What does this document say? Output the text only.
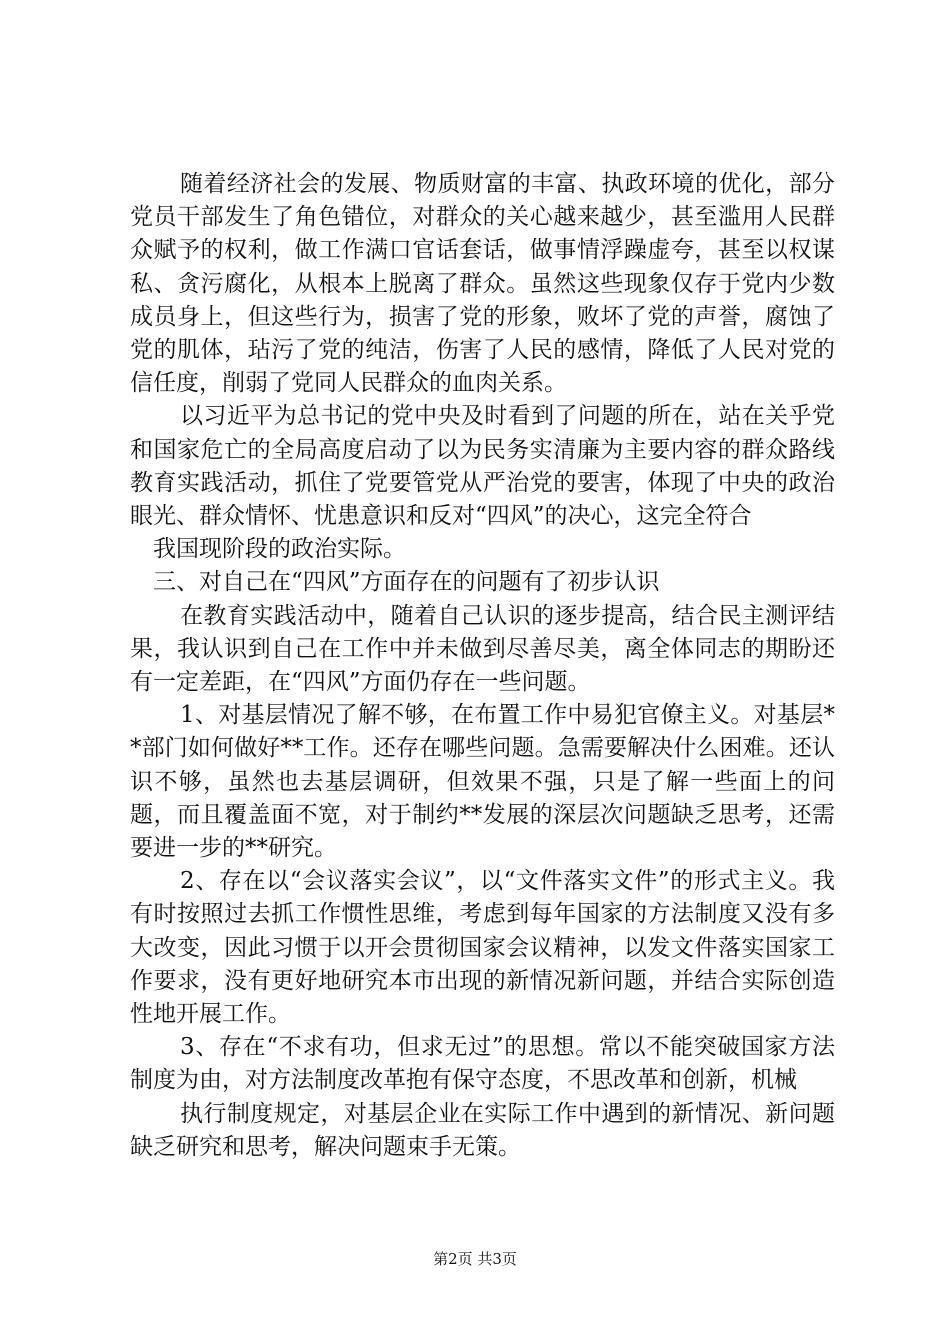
随着经济社会的发展、物质财富的丰富、执政环境的优化，部分党员干部发生了角色错位，对群众的关心越来越少，甚至滥用人民群众赋予的权利，做工作满口官话套话，做事情浮躁虚夸，甚至以权谋私、贪污腐化，从根本上脱离了群众。虽然这些现象仅存于党内少数成员身上，但这些行为，损害了党的形象，败坏了党的声誉，腐蚀了党的肌体，玷污了党的纯洁，伤害了人民的感情，降低了人民对党的信任度，削弱了党同人民群众的血肉关系。

以习近平为总书记的党中央及时看到了问题的所在，站在关乎党和国家危亡的全局高度启动了以为民务实清廉为主要内容的群众路线教育实践活动，抓住了党要管党从严治党的要害，体现了中央的政治眼光、群众情怀、忧患意识和反对“四风”的决心，这完全符合

我国现阶段的政治实际。

三、对自己在“四风”方面存在的问题有了初步认识

在教育实践活动中，随着自己认识的逐步提高，结合民主测评结果，我认识到自己在工作中并未做到尽善尽美，离全体同志的期盼还有一定差距，在“四风”方面仍存在一些问题。

1、对基层情况了解不够，在布置工作中易犯官僚主义。对基层**部门如何做好**工作。还存在哪些问题。急需要解决什么困难。还认识不够，虽然也去基层调研，但效果不强，只是了解一些面上的问题，而且覆盖面不宽，对于制约**发展的深层次问题缺乏思考，还需要进一步的**研究。

2、存在以“会议落实会议”，以“文件落实文件”的形式主义。我有时按照过去抓工作惯性思维，考虑到每年国家的方法制度又没有多大改变，因此习惯于以开会贯彻国家会议精神，以发文件落实国家工作要求，没有更好地研究本市出现的新情况新问题，并结合实际创造性地开展工作。

3、存在“不求有功，但求无过”的思想。常以不能突破国家方法制度为由，对方法制度改革抱有保守态度，不思改革和创新，机械

执行制度规定，对基层企业在实际工作中遇到的新情况、新问题缺乏研究和思考，解决问题束手无策。

第2页 共3页
